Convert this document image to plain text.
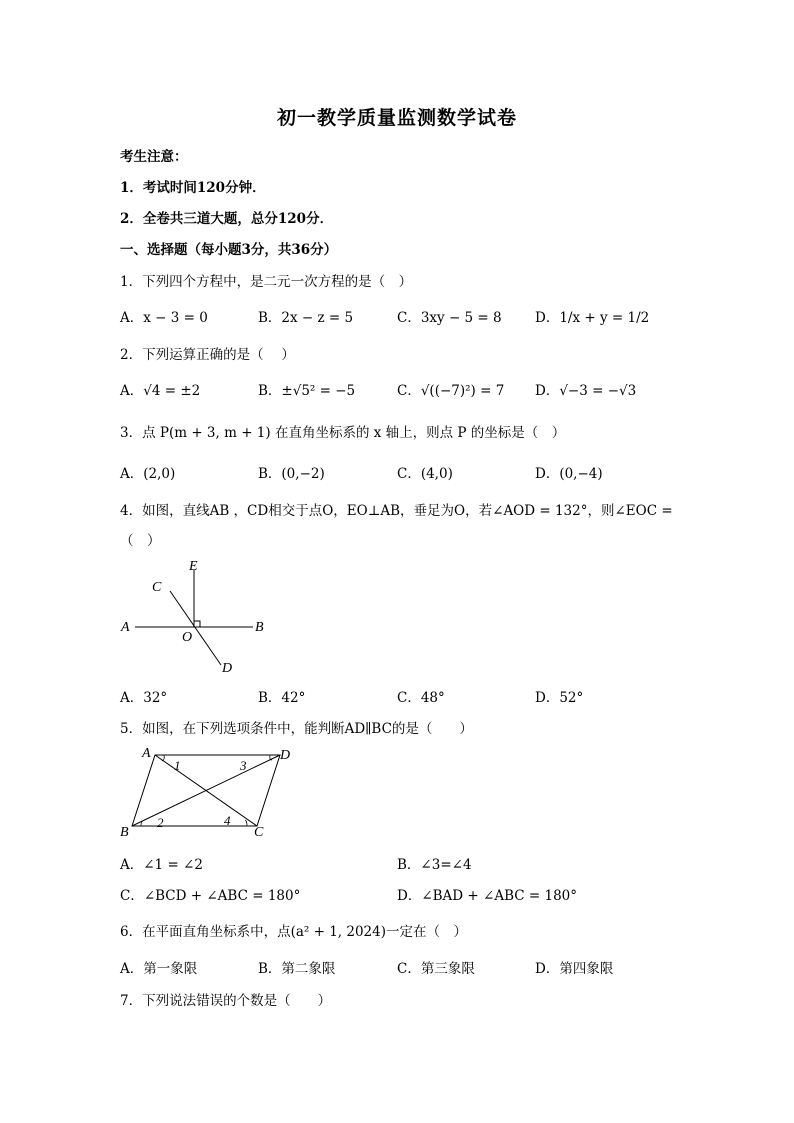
初一教学质量监测数学试卷
考生注意：
1．考试时间120分钟．
2．全卷共三道大题，总分120分．
一、选择题（每小题3分，共36分）
1．下列四个方程中，是二元一次方程的是（　）
A．x − 3 = 0	B．2x − z = 5	C．3xy − 5 = 8 D．1/x + y = 1/2
2．下列运算正确的是（　 ）
A．√4 = ±2	B．±√5² = −5	C．√((−7)²) = 7 D．√−3 = −√3
3．点 P(m + 3, m + 1) 在直角坐标系的 x 轴上，则点 P 的坐标是（　）
A．(2,0)	B．(0,−2)	C．(4,0)	D．(0,−4)
4．如图，直线AB ，CD相交于点O，EO⊥AB，垂足为O，若∠AOD = 132°，则∠EOC =
（　）
E
C
A
O
B
D
A．32°	B．42°	C．48°	D．52°
5．如图，在下列选项条件中，能判断AD∥BC的是（　　）
A	D
B	C
1	3
2	4
A．∠1 = ∠2	B．∠3=∠4
C．∠BCD + ∠ABC = 180°	D．∠BAD + ∠ABC = 180°
6．在平面直角坐标系中，点(a² + 1, 2024)一定在（　）
A．第一象限	B．第二象限	C．第三象限	D．第四象限
7．下列说法错误的个数是（　　）
